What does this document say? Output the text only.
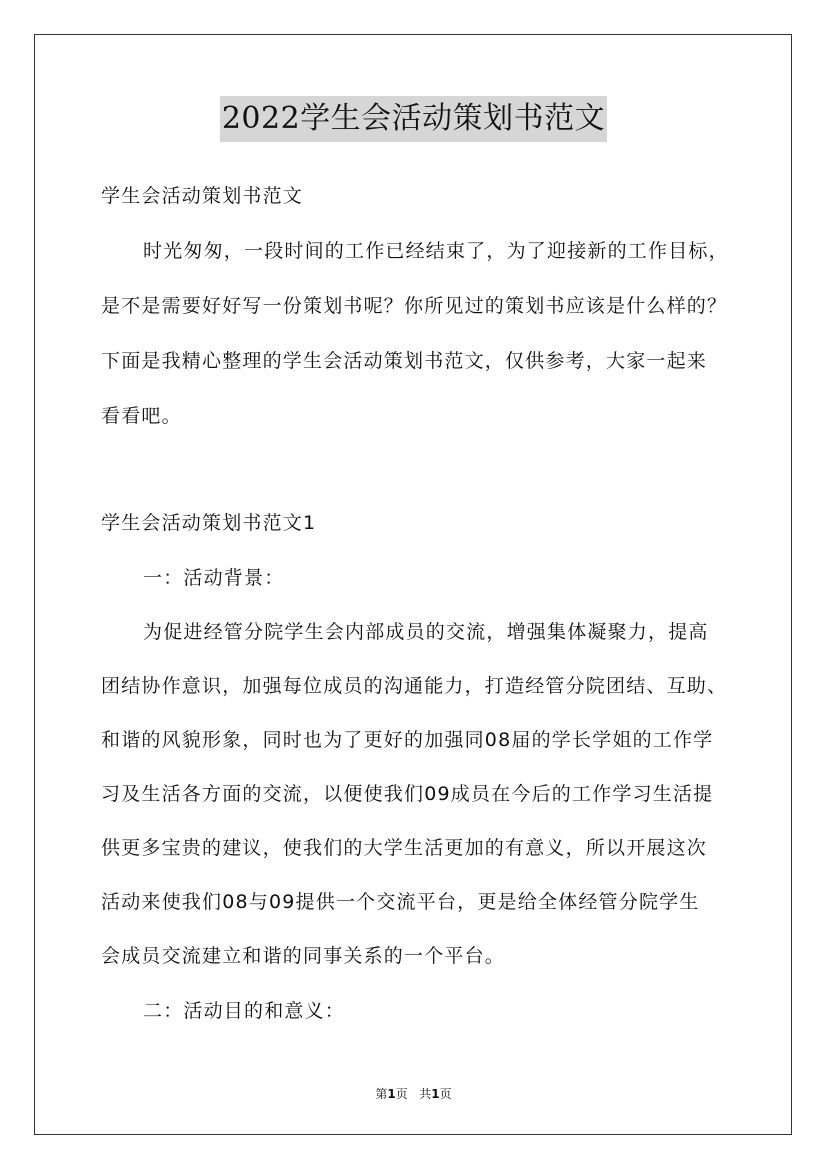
2022学生会活动策划书范文
学生会活动策划书范文
时光匆匆，一段时间的工作已经结束了，为了迎接新的工作目标，
是不是需要好好写一份策划书呢？你所见过的策划书应该是什么样的？
下面是我精心整理的学生会活动策划书范文，仅供参考，大家一起来
看看吧。
学生会活动策划书范文1
一：活动背景：
为促进经管分院学生会内部成员的交流，增强集体凝聚力，提高
团结协作意识，加强每位成员的沟通能力，打造经管分院团结、互助、
和谐的风貌形象，同时也为了更好的加强同08届的学长学姐的工作学
习及生活各方面的交流，以便使我们09成员在今后的工作学习生活提
供更多宝贵的建议，使我们的大学生活更加的有意义，所以开展这次
活动来使我们08与09提供一个交流平台，更是给全体经管分院学生
会成员交流建立和谐的同事关系的一个平台。
二：活动目的和意义：
第1页 共1页
